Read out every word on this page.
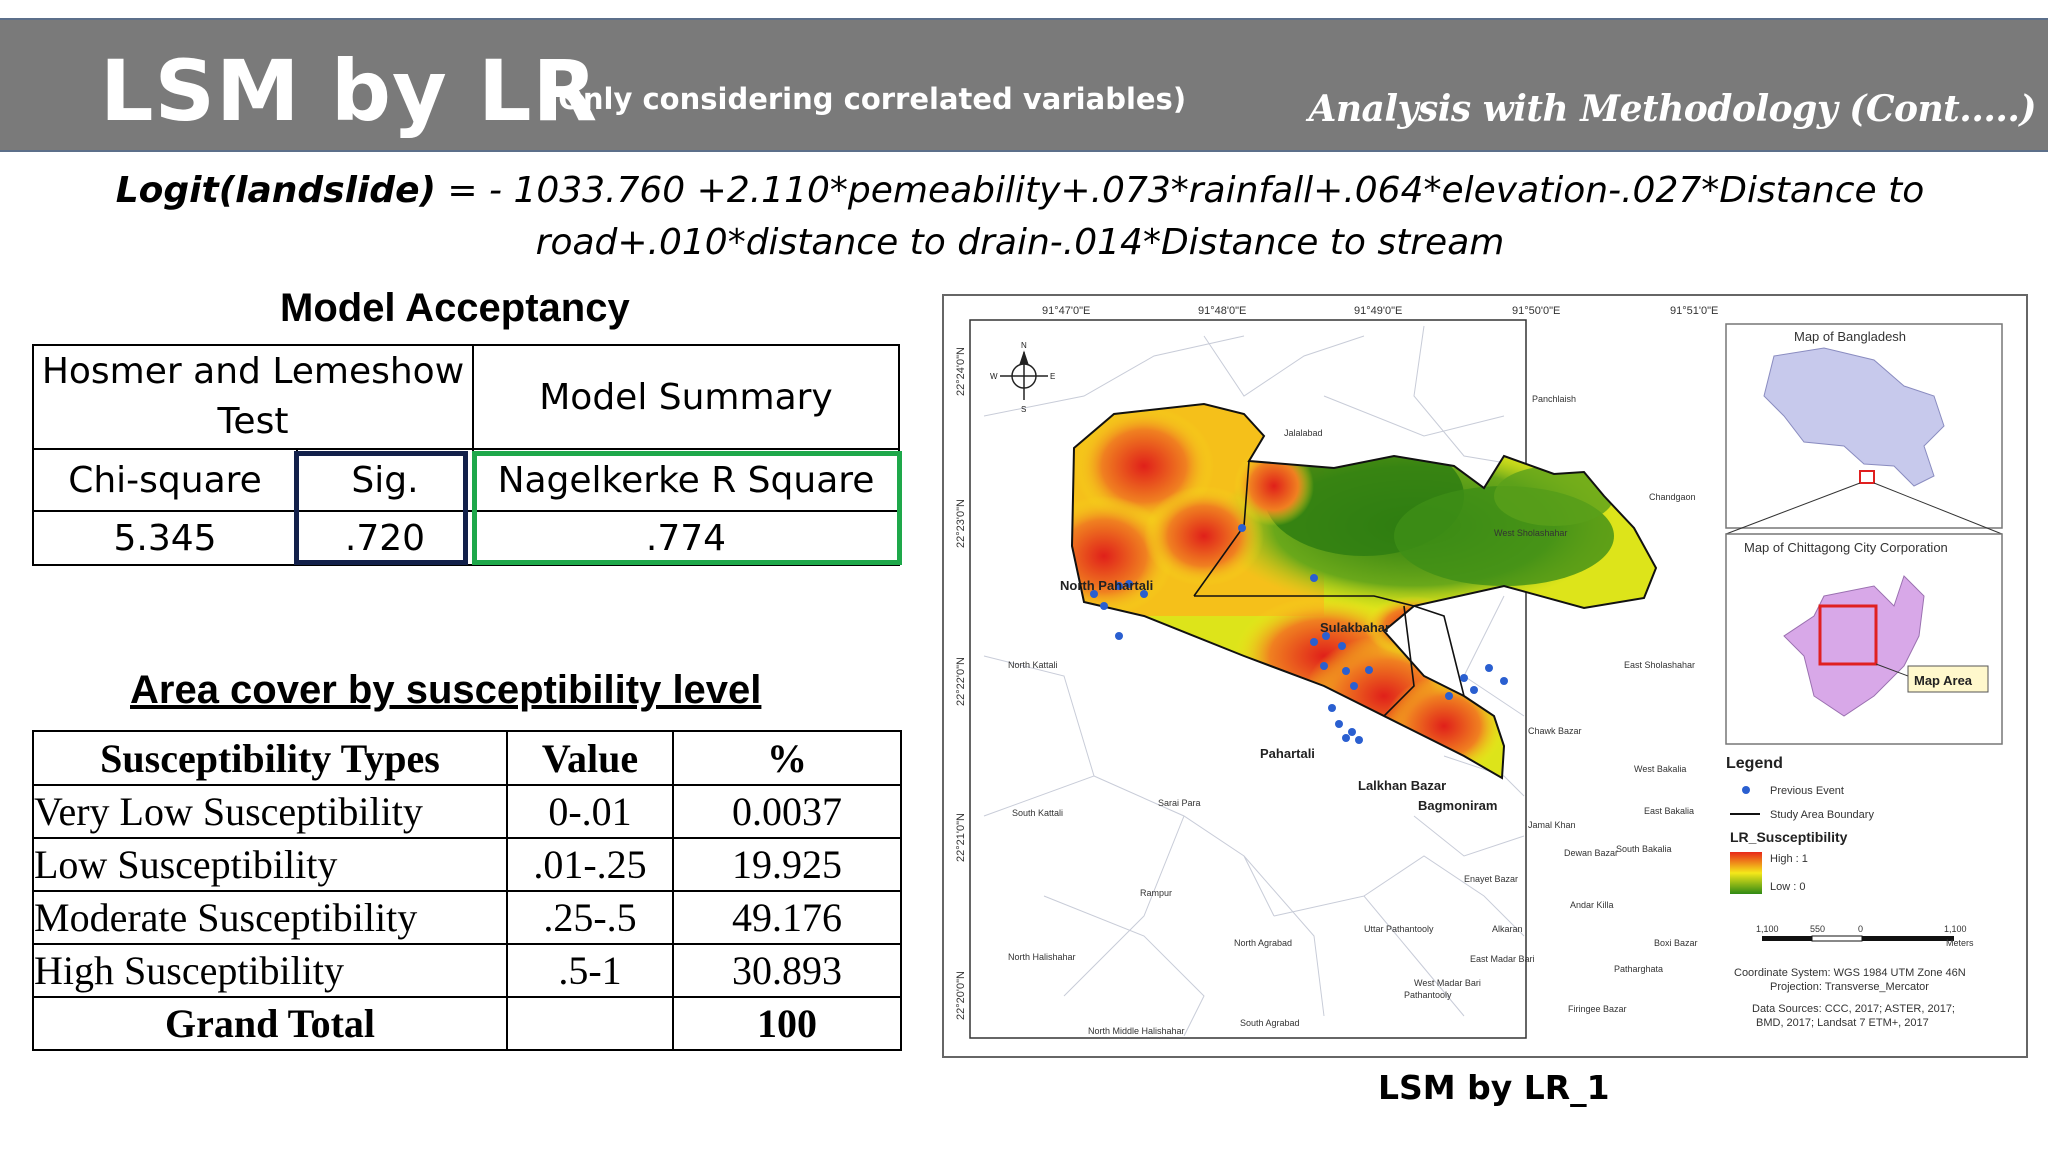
LSM by LR
(Only considering correlated variables)	Analysis with Methodology (Cont.....)
Logit(landslide) = - 1033.760 +2.110*pemeability+.073*rainfall+.064*elevation-.027*Distance to
road+.010*distance to drain-.014*Distance to stream
Model Acceptancy
Hosmer and Lemeshow Test		Model Summary
Chi-square	Sig.	Nagelkerke R Square
5.345	.720	.774
Area cover by susceptibility level
Susceptibility Types	Value	%
Very Low Susceptibility	0-.01	0.0037
Low Susceptibility	.01-.25	19.925
Moderate Susceptibility	.25-.5	49.176
High Susceptibility	.5-1	30.893
Grand Total		100
N
S
E
W
91°47'0"E	91°48'0"E	91°49'0"E	91°50'0"E	91°51'0"E
22°24'0"N
22°23'0"N
22°22'0"N
22°21'0"N
22°20'0"N
Panchlaish
Jalalabad
Chandgaon
West Sholashahar
North Pahartali
Sulakbahar
East Sholashahar
North Kattali
Pahartali
Chawk Bazar
Lalkhan Bazar
Bagmoniram
West Bakalia
South Kattali
Sarai Para
Jamal Khan
East Bakalia
Dewan Bazar
South Bakalia
Rampur
Enayet Bazar
Andar Killa
Uttar Pathantooly	Alkaran
North Agrabad	Boxi Bazar
North Halishahar	East Madar Bari
Patharghata
West Madar Bari
Pathantooly
Firingee Bazar
North Middle Halishahar
South Agrabad
Map of Bangladesh
Map of Chittagong City Corporation
Map Area
Legend
Previous Event
Study Area Boundary
LR_Susceptibility
High : 1
Low : 0
1,100	550	0	1,100
Meters
Coordinate System: WGS 1984 UTM Zone 46N
Projection: Transverse_Mercator
Data Sources: CCC, 2017; ASTER, 2017;
BMD, 2017; Landsat 7 ETM+, 2017
LSM by LR_1
